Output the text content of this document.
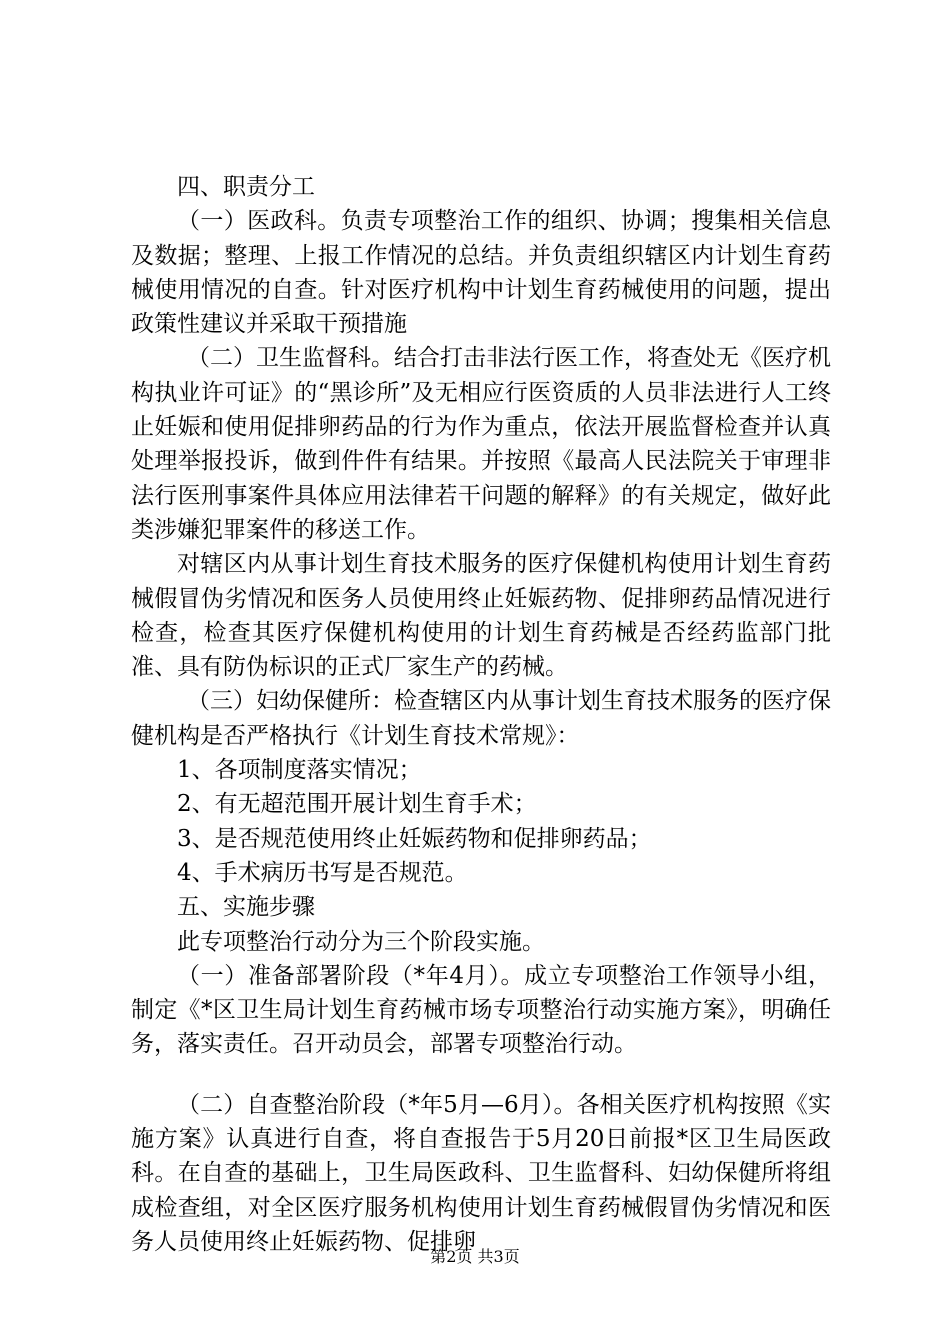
四、职责分工

（一）医政科。负责专项整治工作的组织、协调；搜集相关信息及数据；整理、上报工作情况的总结。并负责组织辖区内计划生育药械使用情况的自查。针对医疗机构中计划生育药械使用的问题，提出政策性建议并采取干预措施

（二）卫生监督科。结合打击非法行医工作，将查处无《医疗机构执业许可证》的“黑诊所”及无相应行医资质的人员非法进行人工终止妊娠和使用促排卵药品的行为作为重点，依法开展监督检查并认真处理举报投诉，做到件件有结果。并按照《最高人民法院关于审理非法行医刑事案件具体应用法律若干问题的解释》的有关规定，做好此类涉嫌犯罪案件的移送工作。

对辖区内从事计划生育技术服务的医疗保健机构使用计划生育药械假冒伪劣情况和医务人员使用终止妊娠药物、促排卵药品情况进行检查，检查其医疗保健机构使用的计划生育药械是否经药监部门批准、具有防伪标识的正式厂家生产的药械。

（三）妇幼保健所：检查辖区内从事计划生育技术服务的医疗保健机构是否严格执行《计划生育技术常规》：

1、各项制度落实情况；

2、有无超范围开展计划生育手术；

3、是否规范使用终止妊娠药物和促排卵药品；

4、手术病历书写是否规范。

五、实施步骤

此专项整治行动分为三个阶段实施。

（一）准备部署阶段（*年4月）。成立专项整治工作领导小组，制定《*区卫生局计划生育药械市场专项整治行动实施方案》，明确任务，落实责任。召开动员会，部署专项整治行动。

（二）自查整治阶段（*年5月—6月）。各相关医疗机构按照《实施方案》认真进行自查，将自查报告于5月20日前报*区卫生局医政科。在自查的基础上，卫生局医政科、卫生监督科、妇幼保健所将组成检查组，对全区医疗服务机构使用计划生育药械假冒伪劣情况和医务人员使用终止妊娠药物、促排卵

第2页 共3页
